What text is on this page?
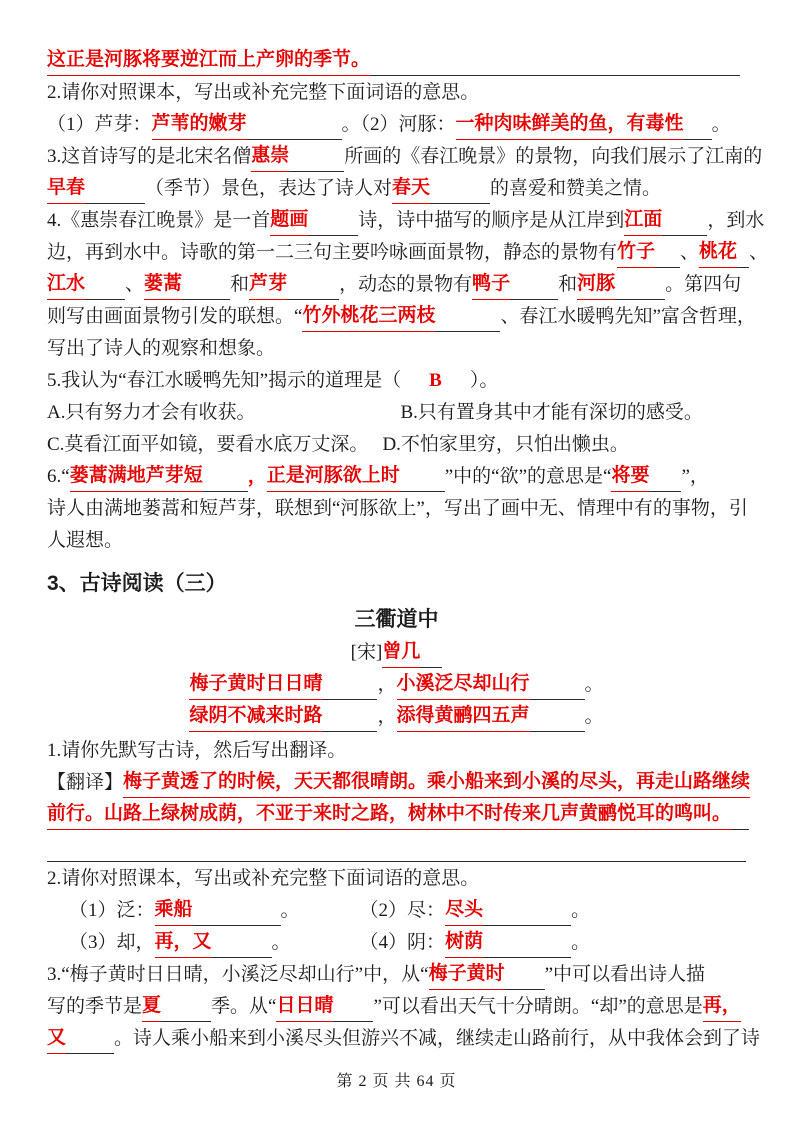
这正是河豚将要逆江而上产卵的季节。
2.请你对照课本，写出或补充完整下面词语的意思。
（1）芦芽： 芦苇的嫩芽	。（2）河豚： 一种肉味鲜美的鱼，有毒性 。
3.这首诗写的是北宋名僧 惠崇	所画的《春江晚景》的景物，向我们展示了江南的
早春	（季节）景色，表达了诗人对 春天	的喜爱和赞美之情。
4.《惠崇春江晚景》是一首 题画	诗，诗中描写的顺序是从江岸到 江面 ，到水
边，再到水中。诗歌的第一二三句主要吟咏画面景物，静态的景物有 竹子 、 桃花 、
江水 、 蒌蒿	和 芦芽	，动态的景物有 鸭子	和 河豚	。第四句
则写由画面景物引发的联想。“ 竹外桃花三两枝	、春江水暖鸭先知”富含哲理，
写出了诗人的观察和想象。
5.我认为“春江水暖鸭先知”揭示的道理是（ B ）。
A.只有努力才会有收获。	B.只有置身其中才能有深切的感受。
C.莫看江面平如镜，要看水底万丈深。 D.不怕家里穷，只怕出懒虫。
6.“ 蒌蒿满地芦芽短 ， 正是河豚欲上时 ”中的“欲”的意思是“ 将要 ”，
诗人由满地蒌蒿和短芦芽，联想到“河豚欲上”，写出了画中无、情理中有的事物，引
人遐想。
3、古诗阅读（三）
三衢道中
[宋] 曾几
梅子黄时日日晴	， 小溪泛尽却山行	。
绿阴不减来时路	， 添得黄鹂四五声	。
1.请你先默写古诗，然后写出翻译。
【翻译】 梅子黄透了的时候，天天都很晴朗。乘小船来到小溪的尽头，再走山路继续
前行。山路上绿树成荫，不亚于来时之路，树林中不时传来几声黄鹂悦耳的鸣叫。
2.请你对照课本，写出或补充完整下面词语的意思。
（1）泛： 乘船	。	（2）尽： 尽头	。
（3）却， 再，又	。	（4）阴： 树荫	。
3.“梅子黄时日日晴，小溪泛尽却山行”中，从“ 梅子黄时 ”中可以看出诗人描
写的季节是 夏	季。从“ 日日晴 ”可以看出天气十分晴朗。“却”的意思是 再，
又	。诗人乘小船来到小溪尽头但游兴不减，继续走山路前行，从中我体会到了诗
第 2 页 共 64 页
